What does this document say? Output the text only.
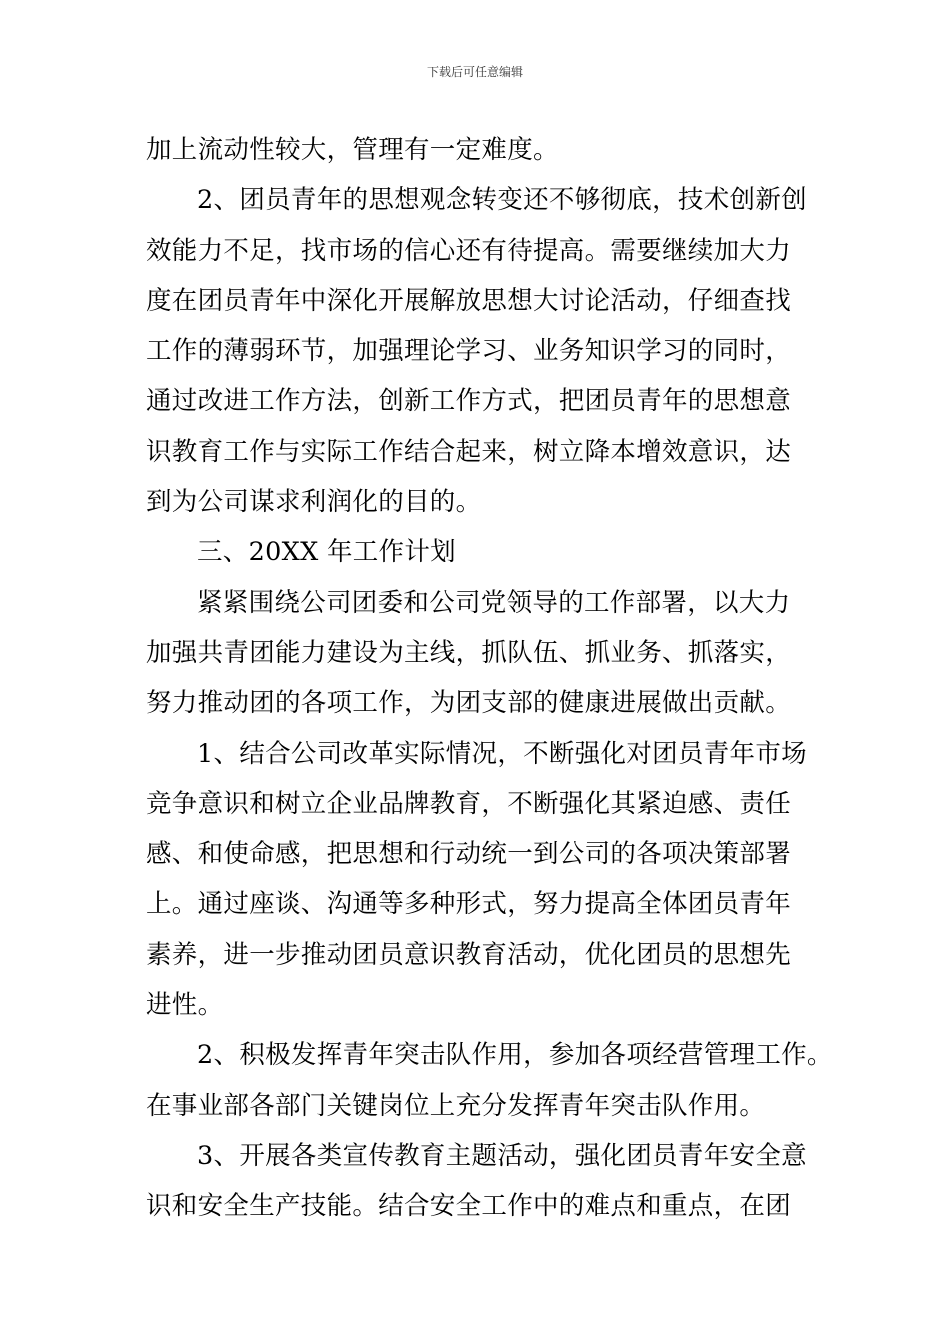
下载后可任意编辑
加上流动性较大，管理有一定难度。
2、团员青年的思想观念转变还不够彻底，技术创新创
效能力不足，找市场的信心还有待提高。需要继续加大力
度在团员青年中深化开展解放思想大讨论活动，仔细查找
工作的薄弱环节，加强理论学习、业务知识学习的同时，
通过改进工作方法，创新工作方式，把团员青年的思想意
识教育工作与实际工作结合起来，树立降本增效意识，达
到为公司谋求利润化的目的。
三、20XX 年工作计划
紧紧围绕公司团委和公司党领导的工作部署，以大力
加强共青团能力建设为主线，抓队伍、抓业务、抓落实，
努力推动团的各项工作，为团支部的健康进展做出贡献。
1、结合公司改革实际情况，不断强化对团员青年市场
竞争意识和树立企业品牌教育，不断强化其紧迫感、责任
感、和使命感，把思想和行动统一到公司的各项决策部署
上。通过座谈、沟通等多种形式，努力提高全体团员青年
素养，进一步推动团员意识教育活动，优化团员的思想先
进性。
2、积极发挥青年突击队作用，参加各项经营管理工作。
在事业部各部门关键岗位上充分发挥青年突击队作用。
3、开展各类宣传教育主题活动，强化团员青年安全意
识和安全生产技能。结合安全工作中的难点和重点，在团
